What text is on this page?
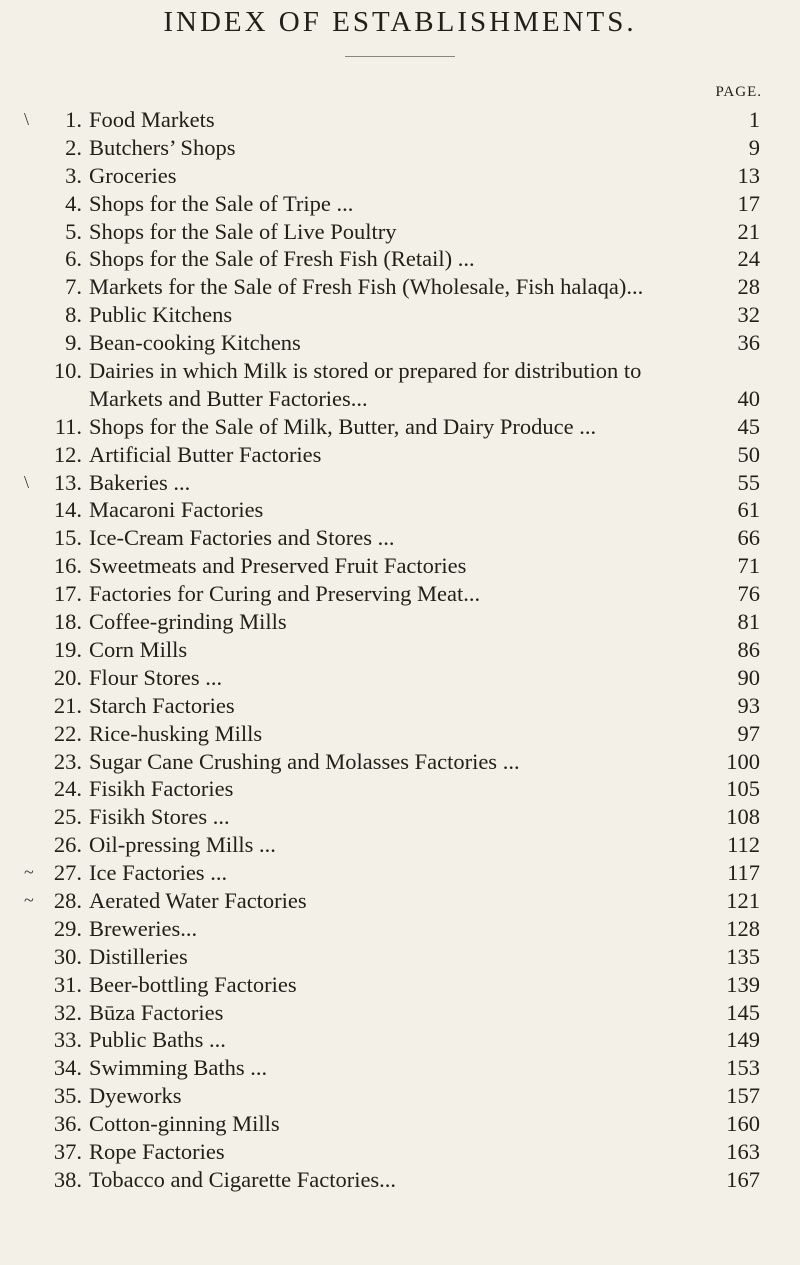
INDEX OF ESTABLISHMENTS.
PAGE.
\	1. Food Markets	1
2. Butchers’ Shops	9
3. Groceries	13
4. Shops for the Sale of Tripe ...	17
5. Shops for the Sale of Live Poultry	21
6. Shops for the Sale of Fresh Fish (Retail) ...	24
7. Markets for the Sale of Fresh Fish (Wholesale, Fish halaqa)...	28
8. Public Kitchens	32
9. Bean-cooking Kitchens	36
10. Dairies in which Milk is stored or prepared for distribution to
Markets and Butter Factories...	40
11. Shops for the Sale of Milk, Butter, and Dairy Produce ...	45
12. Artificial Butter Factories	50
\	13. Bakeries ...	55
14. Macaroni Factories	61
15. Ice-Cream Factories and Stores ...	66
16. Sweetmeats and Preserved Fruit Factories	71
17. Factories for Curing and Preserving Meat...	76
18. Coffee-grinding Mills	81
19. Corn Mills	86
20. Flour Stores ...	90
21. Starch Factories	93
22. Rice-husking Mills	97
23. Sugar Cane Crushing and Molasses Factories ...	100
24. Fisikh Factories	105
25. Fisikh Stores ...	108
26. Oil-pressing Mills ...	112
~ 27. Ice Factories ...	117
~ 28. Aerated Water Factories	121
29. Breweries...	128
30. Distilleries	135
31. Beer-bottling Factories	139
32. Būza Factories	145
33. Public Baths ...	149
34. Swimming Baths ...	153
35. Dyeworks	157
36. Cotton-ginning Mills	160
37. Rope Factories	163
38. Tobacco and Cigarette Factories...	167
